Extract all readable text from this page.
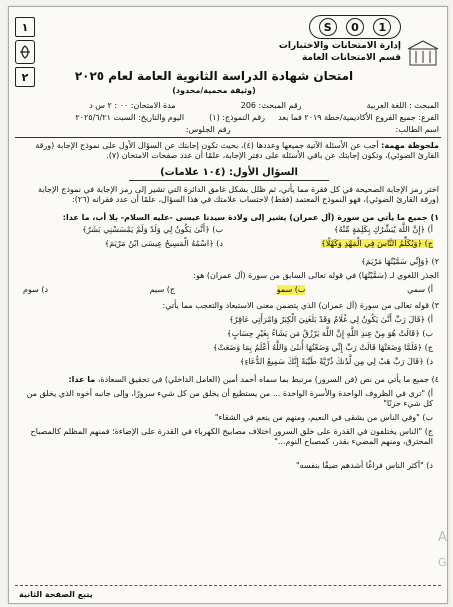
١
٢
S 0 1
إدارة الامتحانات والاختبارات
قسم الامتحانات العامة
امتحان شهادة الدراسة الثانوية العامة لعام ٢٠٢٥
(وثيقة محمية/محدود)
المبحث : اللغة العربية  رقم المبحث: 206  مدة الامتحان: ٠٠ : ٢ س د
الفرع: جميع الفروع الأكاديمية/خطة ٢٠١٩ فما بعد  رقم النموذج: (١)  اليوم والتاريخ: السبت ٢٠٢٥/٦/٢١
اسم الطالب:  رقم الجلوس:
ملحوظة مهمة: أجب عن الأسئلة الآتية جميعها وعددها (٤)، بحيث تكون إجابتك عن السؤال الأول على نموذج الإجابة (ورقة القارئ الضوئي)، وتكون إجابتك عن باقي الأسئلة على دفتر الإجابة، علمًا أن عدد صفحات الامتحان (٧).
السؤال الأول: (١٠٤ علامات)
اختر رمز الإجابة الصحيحة في كل فقرة مما يأتي، ثم ظلل بشكل غامق الدائرة التي تشير إلى رمز الإجابة في نموذج الإجابة (ورقة القارئ الضوئي)، فهو النموذج المعتمد (فقط) لاحتساب علامتك في هذا السؤال، علمًا أن عدد فقراته (٢٦):
١) جميع ما يأتي من سورة (آل عمران) يشير إلى ولادة سيدنا عيسى -عليه السلام- بلا أب، ما عدا:
أ) ﴿إِنَّ اللَّهَ يُبَشِّرُكِ بِكَلِمَةٍ مِّنْهُ﴾
ب) ﴿أَنَّىٰ يَكُونُ لِي وَلَدٌ وَلَمْ يَمْسَسْنِي بَشَرٌ﴾
ج) ﴿وَيُكَلِّمُ النَّاسَ فِي الْمَهْدِ وَكَهْلًا﴾
د) ﴿اسْمُهُ الْمَسِيحُ عِيسَى ابْنُ مَرْيَمَ﴾
٢) ﴿وَإِنِّي سَمَّيْتُهَا مَرْيَمَ﴾
الجذر اللغوي لـ (سَمَّيْتُهَا) في قوله تعالى السابق من سورة (آل عمران) هو:
أ) سمي
ب) سمو
ج) سيم
د) سوم
٣) قوله تعالى من سورة (آل عمران) الذي يتضمن معنى الاستبعاد والتعجب مما يأتي:
أ) ﴿قَالَ رَبِّ أَنَّىٰ يَكُونُ لِي غُلَامٌ وَقَدْ بَلَغَنِيَ الْكِبَرُ وَامْرَأَتِي عَاقِرٌ﴾
ب) ﴿قَالَتْ هُوَ مِنْ عِندِ اللَّهِ إِنَّ اللَّهَ يَرْزُقُ مَن يَشَاءُ بِغَيْرِ حِسَابٍ﴾
ج) ﴿فَلَمَّا وَضَعَتْهَا قَالَتْ رَبِّ إِنِّي وَضَعْتُهَا أُنثَىٰ وَاللَّهُ أَعْلَمُ بِمَا وَضَعَتْ﴾
د) ﴿قَالَ رَبِّ هَبْ لِي مِن لَّدُنكَ ذُرِّيَّةً طَيِّبَةً إِنَّكَ سَمِيعُ الدُّعَاءِ﴾
٤) جميع ما يأتي من نص (فن السرور) مرتبط بما سماه أحمد أمين (العامل الداخلي) في تحقيق السعادة، ما عدا:
أ) "ترى في الظروف الواحدة والأسرة الواحدة ... من يستطيع أن يخلق من كل شيء سرورًا، وإلى جانبه أخوه الذي يخلق من كل شيء حزنًا"
ب) "وفي الناس من يشقى في النعيم، ومنهم من ينعم في الشقاء"
ج) "الناس يختلفون في القدرة على خلق السرور اختلاف مصابيح الكهرباء في القدرة على الإضاءة؛ فمنهم المظلم كالمصباح المحترق، ومنهم المضيء بقدر، كمصباح النوم..."
د) "أكثر الناس فراغًا أشدهم ضيقًا بنفسه"
يتبع الصفحة الثانية
A
G
